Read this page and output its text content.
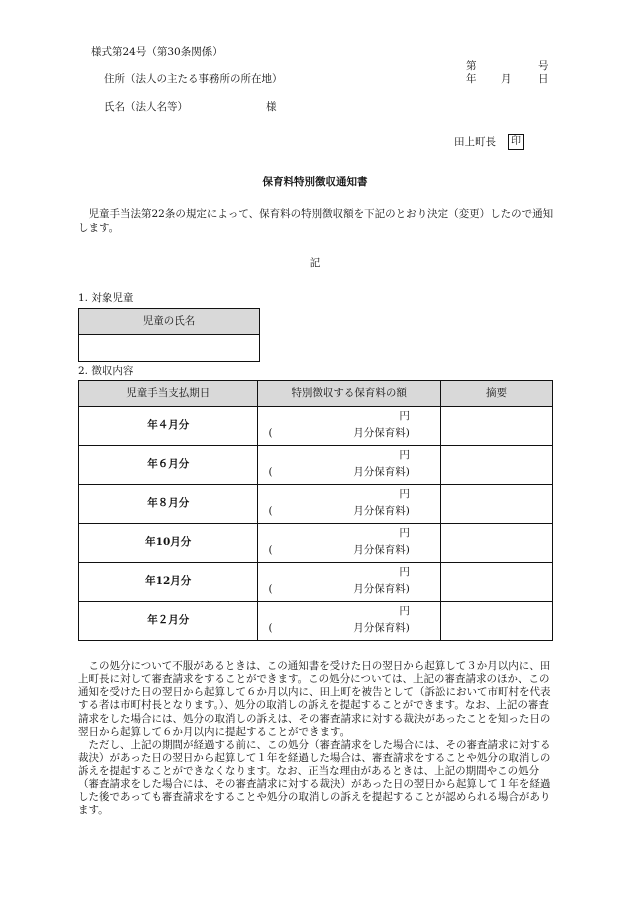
様式第24号（第30条関係）
住所（法人の主たる事務所の所在地）
氏名（法人名等）	様
第	号
年 月	日
田上町長	印
保育料特別徴収通知書
児童手当法第22条の規定によって、保育料の特別徴収額を下記のとおり決定（変更）したので通知します。
記
1. 対象児童
児童の氏名

2. 徴収内容
児童手当支払期日	特別徴収する保育料の額	摘要
年４月分	円
( 月分保育料)	

年６月分	円
( 月分保育料)	

年８月分	円
( 月分保育料)	

年10月分	円
( 月分保育料)	

年12月分	円
( 月分保育料)	

年２月分	円
( 月分保育料)	

この処分について不服があるときは、この通知書を受けた日の翌日から起算して３か月以内に、田上町長に対して審査請求をすることができます。この処分については、上記の審査請求のほか、この通知を受けた日の翌日から起算して６か月以内に、田上町を被告として（訴訟において市町村を代表する者は市町村長となります。）、処分の取消しの訴えを提起することができます。なお、上記の審査請求をした場合には、処分の取消しの訴えは、その審査請求に対する裁決があったことを知った日の翌日から起算して６か月以内に提起することができます。

ただし、上記の期間が経過する前に、この処分（審査請求をした場合には、その審査請求に対する裁決）があった日の翌日から起算して１年を経過した場合は、審査請求をすることや処分の取消しの訴えを提起することができなくなります。なお、正当な理由があるときは、上記の期間やこの処分（審査請求をした場合には、その審査請求に対する裁決）があった日の翌日から起算して１年を経過した後であっても審査請求をすることや処分の取消しの訴えを提起することが認められる場合があります。
